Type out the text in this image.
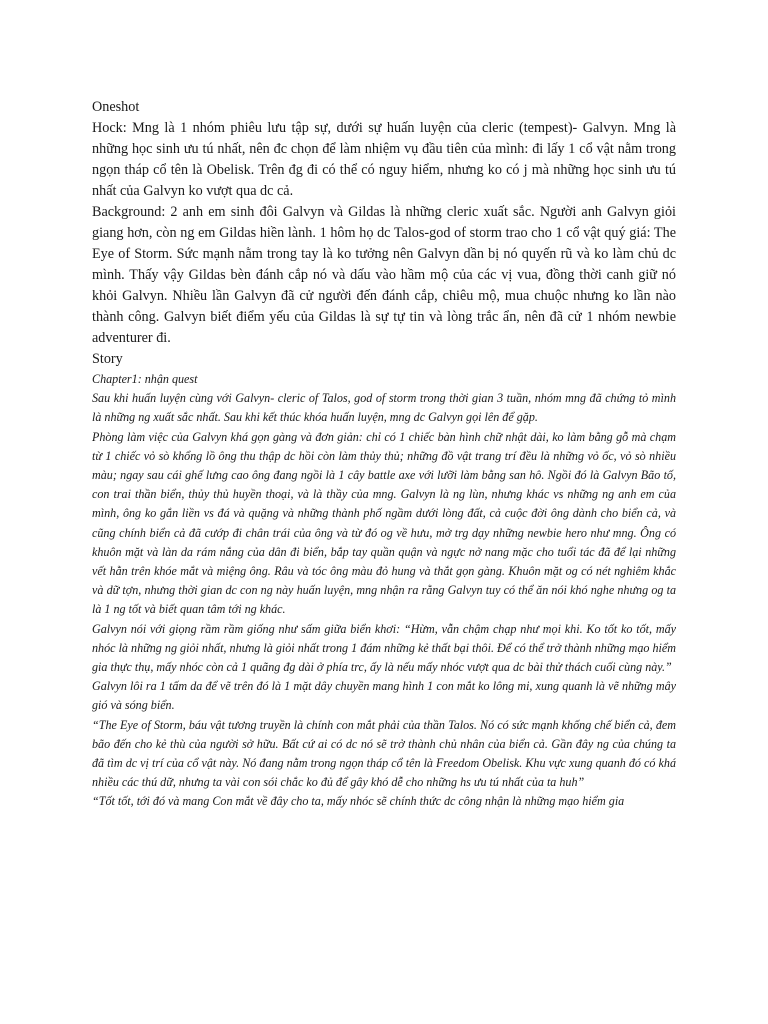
Oneshot

Hock: Mng là 1 nhóm phiêu lưu tập sự, dưới sự huấn luyện của cleric (tempest)- Galvyn. Mng là những học sinh ưu tú nhất, nên đc chọn để làm nhiệm vụ đầu tiên của mình: đi lấy 1 cổ vật nằm trong ngọn tháp cổ tên là Obelisk. Trên đg đi có thể có nguy hiểm, nhưng ko có j mà những học sinh ưu tú nhất của Galvyn ko vượt qua dc cả.

Background: 2 anh em sinh đôi Galvyn và Gildas là những cleric xuất sắc. Người anh Galvyn giỏi giang hơn, còn ng em Gildas hiền lành. 1 hôm họ dc Talos-god of storm trao cho 1 cổ vật quý giá: The Eye of Storm. Sức mạnh nằm trong tay là ko tưởng nên Galvyn dần bị nó quyến rũ và ko làm chủ dc mình. Thấy vậy Gildas bèn đánh cắp nó và dấu vào hầm mộ của các vị vua, đồng thời canh giữ nó khỏi Galvyn. Nhiều lần Galvyn đã cử người đến đánh cắp, chiêu mộ, mua chuộc nhưng ko lần nào thành công. Galvyn biết điểm yếu của Gildas là sự tự tin và lòng trắc ẩn, nên đã cử 1 nhóm newbie adventurer đi.

Story

Chapter1: nhận quest

Sau khi huấn luyện cùng với Galvyn- cleric of Talos, god of storm trong thời gian 3 tuần, nhóm mng đã chứng tỏ mình là những ng xuất sắc nhất. Sau khi kết thúc khóa huấn luyện, mng dc Galvyn gọi lên để gặp.

Phòng làm việc của Galvyn khá gọn gàng và đơn giản: chỉ có 1 chiếc bàn hình chữ nhật dài, ko làm bằng gỗ mà chạm từ 1 chiếc vỏ sò khổng lồ ông thu thập dc hồi còn làm thủy thủ; những đồ vật trang trí đều là những vỏ ốc, vỏ sò nhiều màu; ngay sau cái ghế lưng cao ông đang ngồi là 1 cây battle axe với lưỡi làm bằng san hô. Ngồi đó là Galvyn Bão tố, con trai thần biển, thủy thủ huyền thoại, và là thầy của mng. Galvyn là ng lùn, nhưng khác vs những ng anh em của mình, ông ko gắn liền vs đá và quặng và những thành phố ngầm dưới lòng đất, cả cuộc đời ông dành cho biển cả, và cũng chính biển cả đã cướp đi chân trái của ông và từ đó og về hưu, mở trg dạy những newbie hero như mng. Ông có khuôn mặt và làn da rám nắng của dân đi biển, bắp tay quần quận và ngực nở nang mặc cho tuổi tác đã để lại những vết hằn trên khóe mắt và miệng ông. Râu và tóc ông màu đỏ hung và thắt gọn gàng. Khuôn mặt og có nét nghiêm khắc và dữ tợn, nhưng thời gian dc con ng này huấn luyện, mng nhận ra rằng Galvyn tuy có thể ăn nói khó nghe nhưng og ta là 1 ng tốt và biết quan tâm tới ng khác.

Galvyn nói với giọng rầm rầm giống như sấm giữa biển khơi: “Hừm, vẫn chậm chạp như mọi khi. Ko tốt ko tốt, mấy nhóc là những ng giỏi nhất, nhưng là giỏi nhất trong 1 đám những kẻ thất bại thôi. Để có thể trở thành những mạo hiểm gia thực thụ, mấy nhóc còn cả 1 quãng đg dài ở phía trc, ấy là nếu mấy nhóc vượt qua dc bài thử thách cuối cùng này.”

Galvyn lôi ra 1 tấm da để vẽ trên đó là 1 mặt dây chuyền mang hình 1 con mắt ko lông mi, xung quanh là vẽ những mây gió và sóng biển.

“The Eye of Storm, báu vật tương truyền là chính con mắt phải của thần Talos. Nó có sức mạnh khống chế biển cả, đem bão đến cho kẻ thù của người sở hữu. Bất cứ ai có dc nó sẽ trở thành chủ nhân của biển cả. Gần đây ng của chúng ta đã tìm dc vị trí của cổ vật này. Nó đang nằm trong ngọn tháp cổ tên là Freedom Obelisk. Khu vực xung quanh đó có khá nhiều các thú dữ, nhưng ta vài con sói chắc ko đủ để gây khó dễ cho những hs ưu tú nhất của ta huh”

“Tốt tốt, tới đó và mang Con mắt về đây cho ta, mấy nhóc sẽ chính thức dc công nhận là những mạo hiểm gia
